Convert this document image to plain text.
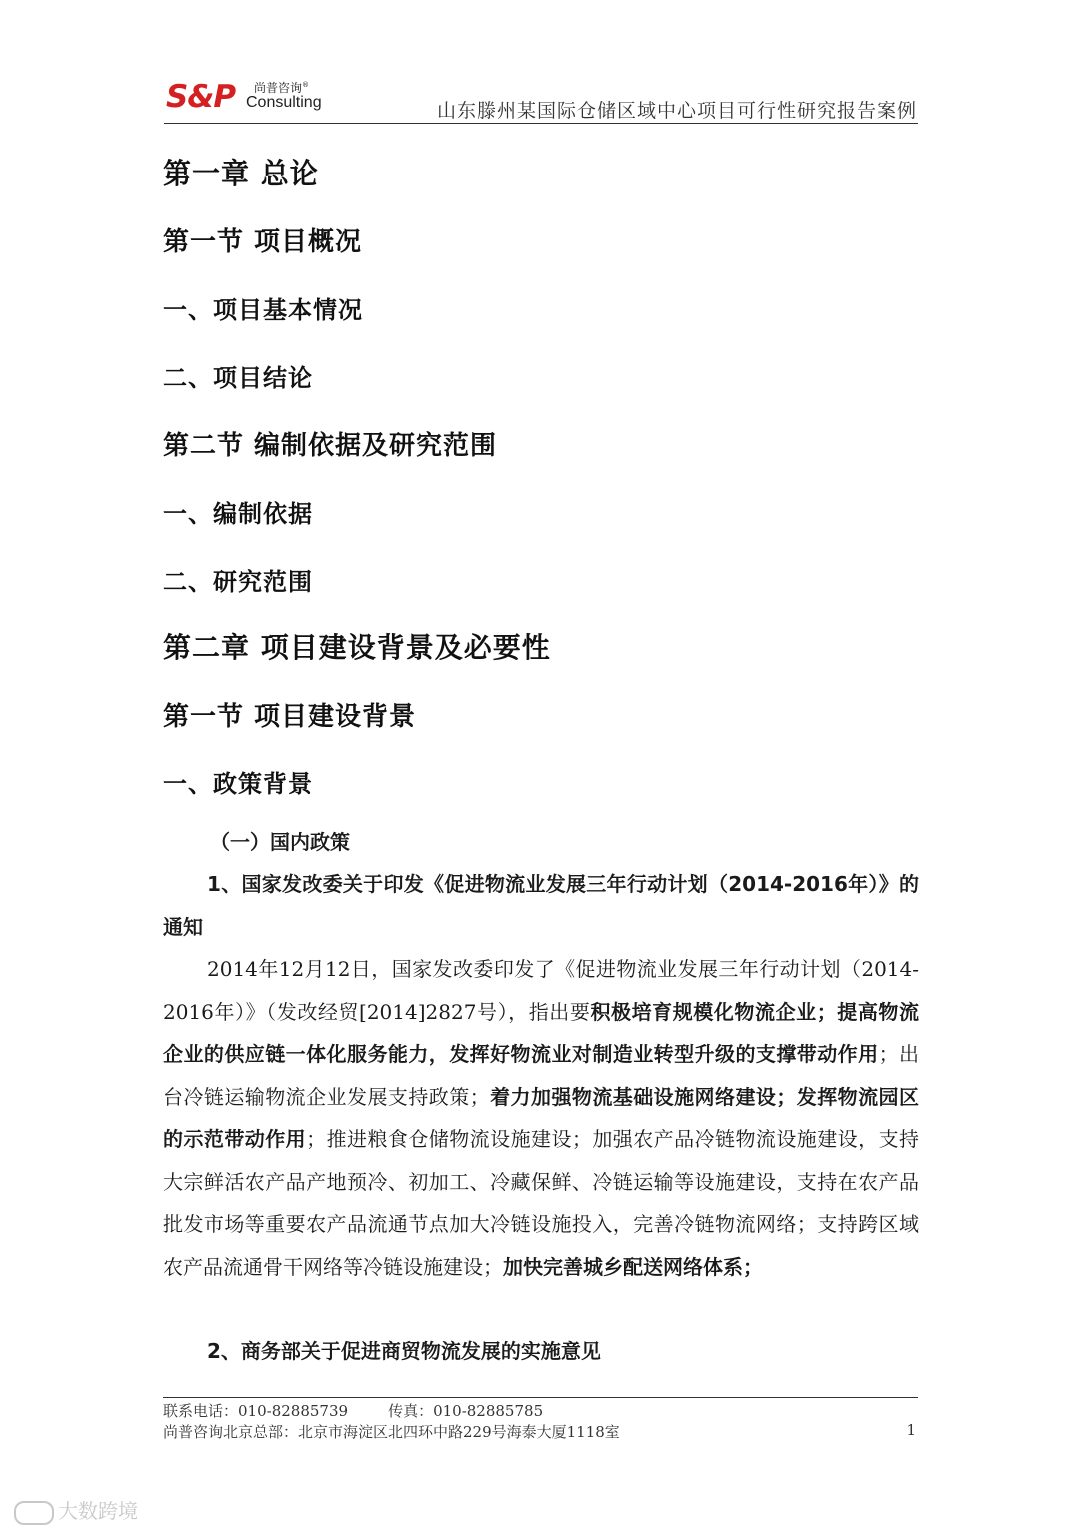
S&P 尚普咨询®
Consulting	山东滕州某国际仓储区域中心项目可行性研究报告案例
第一章 总论
第一节 项目概况
一、项目基本情况
二、项目结论
第二节 编制依据及研究范围
一、编制依据
二、研究范围
第二章 项目建设背景及必要性
第一节 项目建设背景
一、政策背景
（一）国内政策

1、国家发改委关于印发《促进物流业发展三年行动计划（2014-2016年）》的通知

2014年12月12日，国家发改委印发了《促进物流业发展三年行动计划（2014-2016年）》（发改经贸[2014]2827号），指出要积极培育规模化物流企业；提高物流企业的供应链一体化服务能力，发挥好物流业对制造业转型升级的支撑带动作用；出台冷链运输物流企业发展支持政策；着力加强物流基础设施网络建设；发挥物流园区的示范带动作用；推进粮食仓储物流设施建设；加强农产品冷链物流设施建设，支持大宗鲜活农产品产地预冷、初加工、冷藏保鲜、冷链运输等设施建设，支持在农产品批发市场等重要农产品流通节点加大冷链设施投入，完善冷链物流网络；支持跨区域农产品流通骨干网络等冷链设施建设；加快完善城乡配送网络体系；

2、商务部关于促进商贸物流发展的实施意见

联系电话：010-82885739	传真：010-82885785
尚普咨询北京总部：北京市海淀区北四环中路229号海泰大厦1118室	1
大数跨境
